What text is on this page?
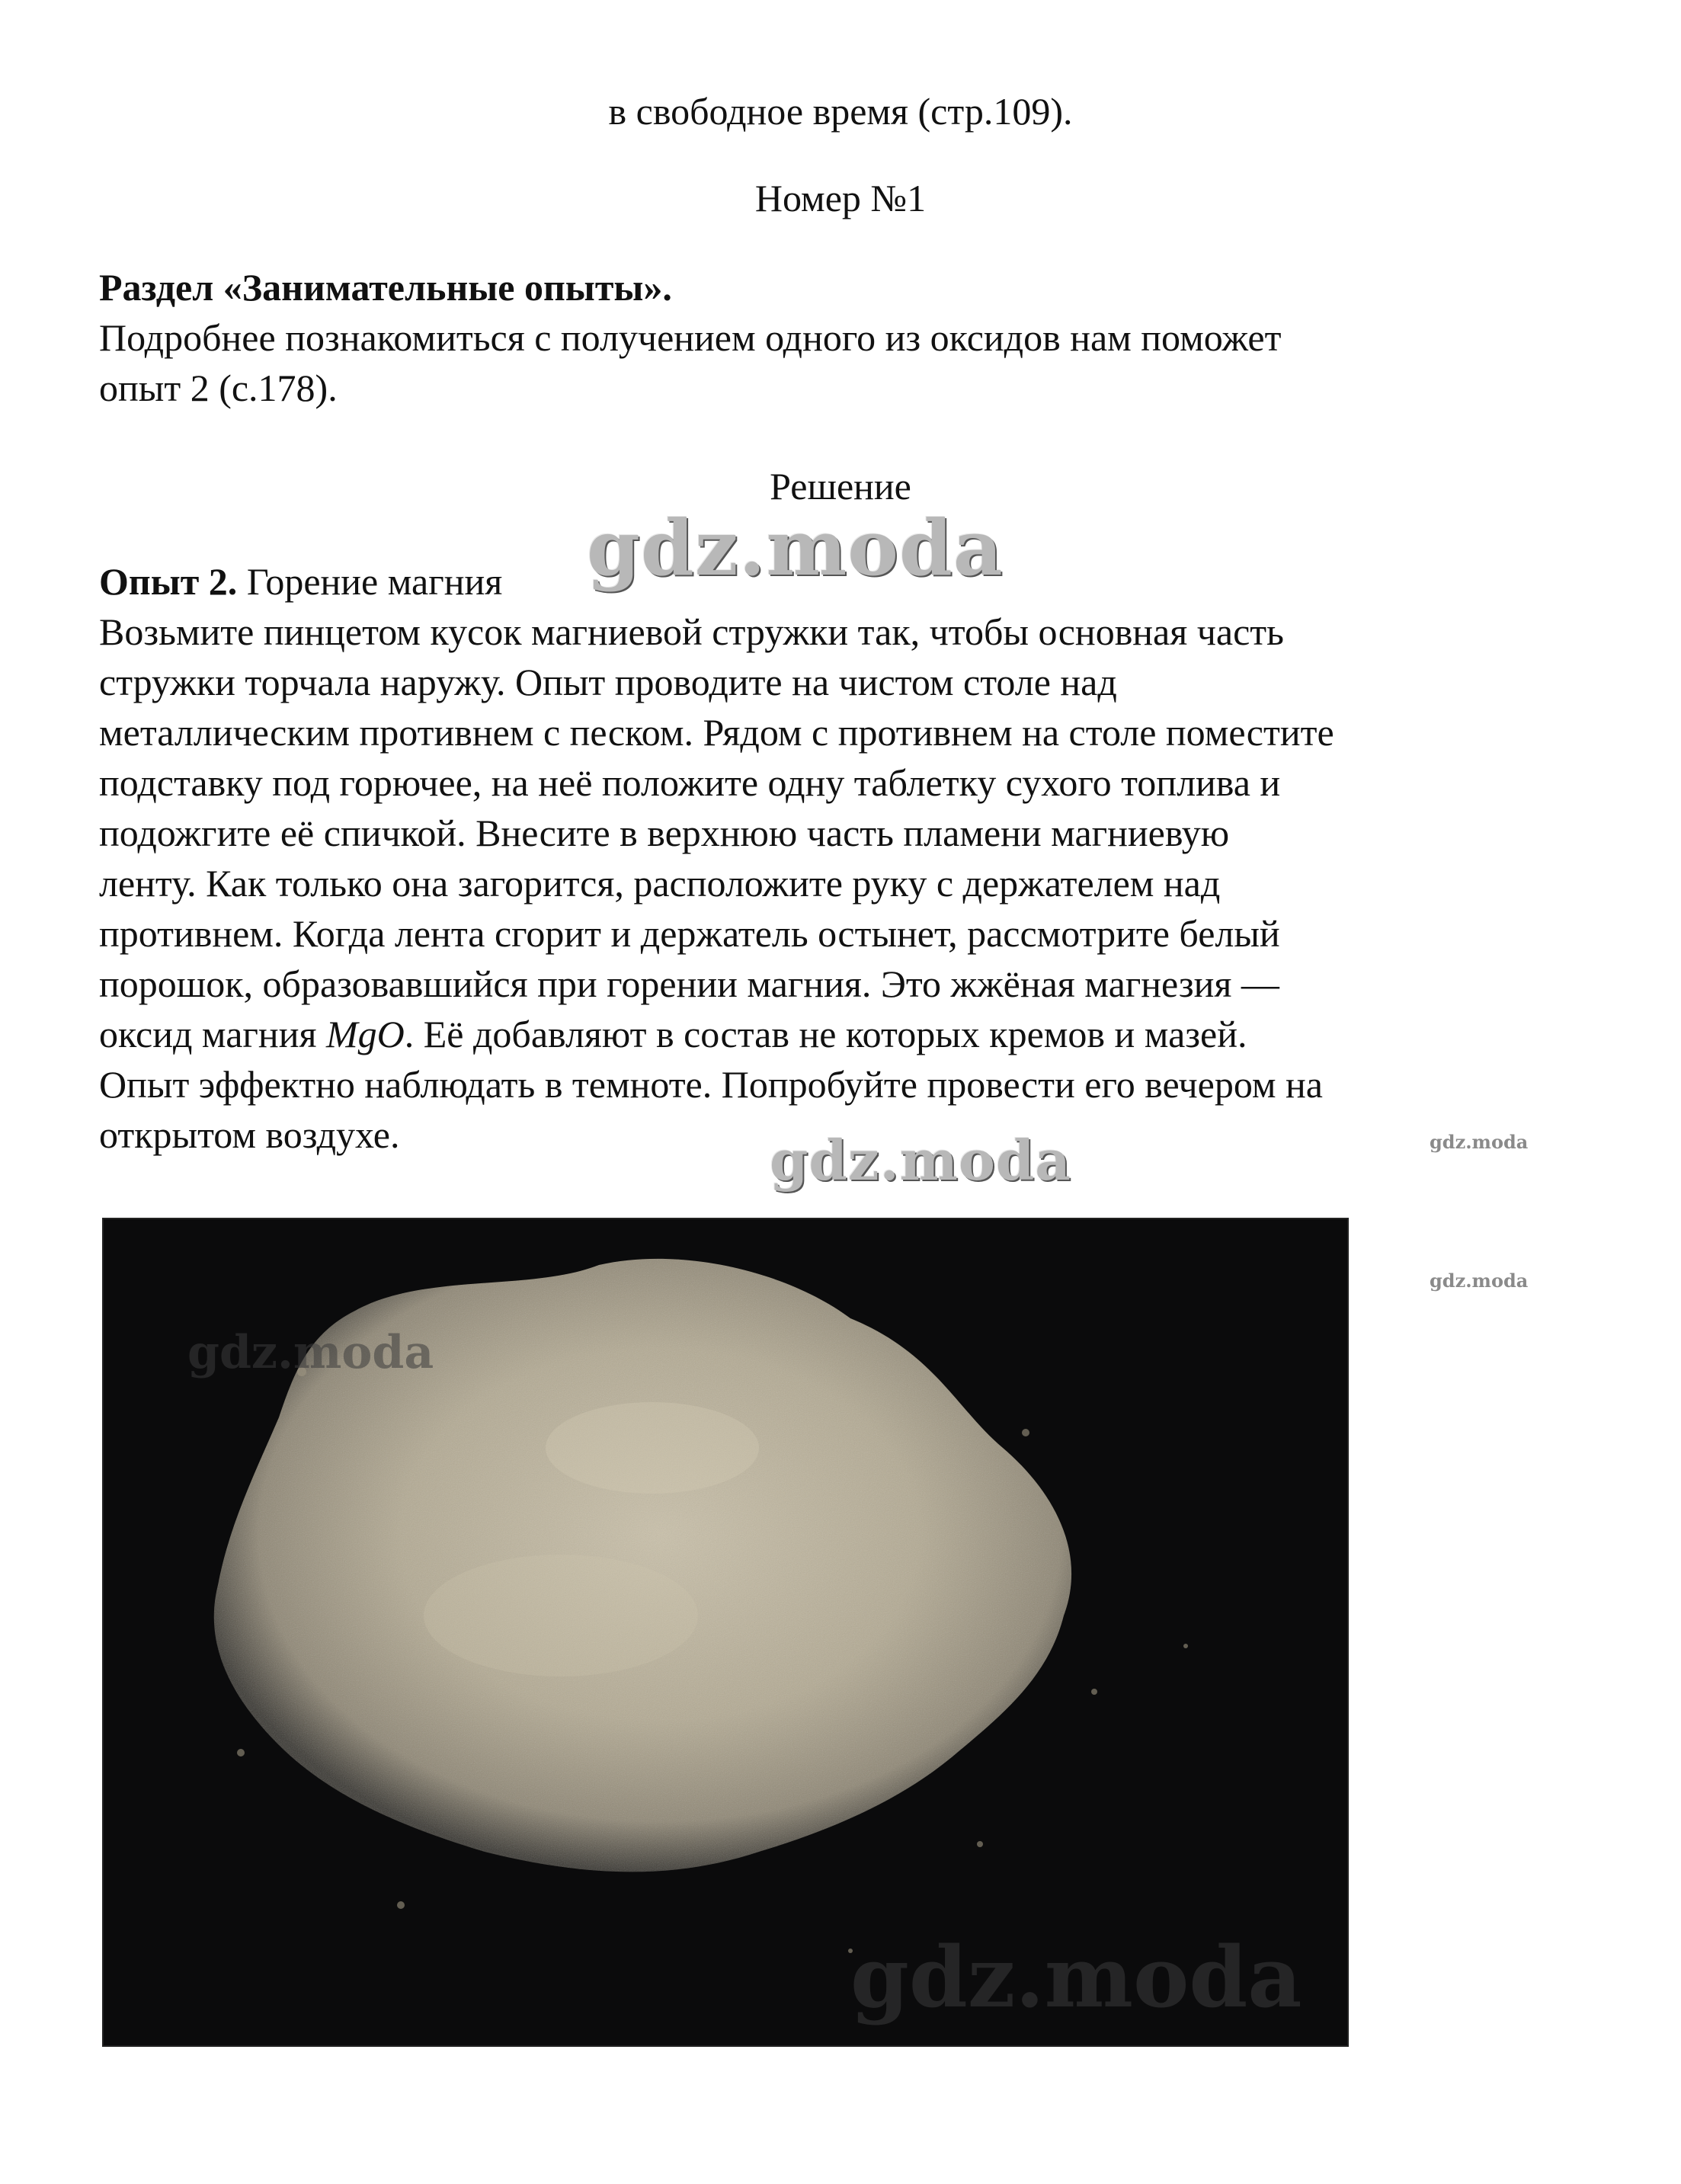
в свободное время (стр.109).
Номер №1
Раздел «Занимательные опыты».
Подробнее познакомиться с получением одного из оксидов нам поможет
опыт 2 (с.178).
Решение
Опыт 2. Горение магния
Возьмите пинцетом кусок магниевой стружки так, чтобы основная часть
стружки торчала наружу. Опыт проводите на чистом столе над
металлическим противнем с песком. Рядом с противнем на столе поместите
подставку под горючее, на неё положите одну таблетку сухого топлива и
подожгите её спичкой. Внесите в верхнюю часть пламени магниевую
ленту. Как только она загорится, расположите руку с держателем над
противнем. Когда лента сгорит и держатель остынет, рассмотрите белый
порошок, образовавшийся при горении магния. Это жжёная магнезия —
оксид магния MgO. Её добавляют в состав не которых кремов и мазей.
Опыт эффектно наблюдать в темноте. Попробуйте провести его вечером на
открытом воздухе.
gdz.moda
gdz.moda	gdz.moda
gdz.moda
gdz.moda
gdz.moda
